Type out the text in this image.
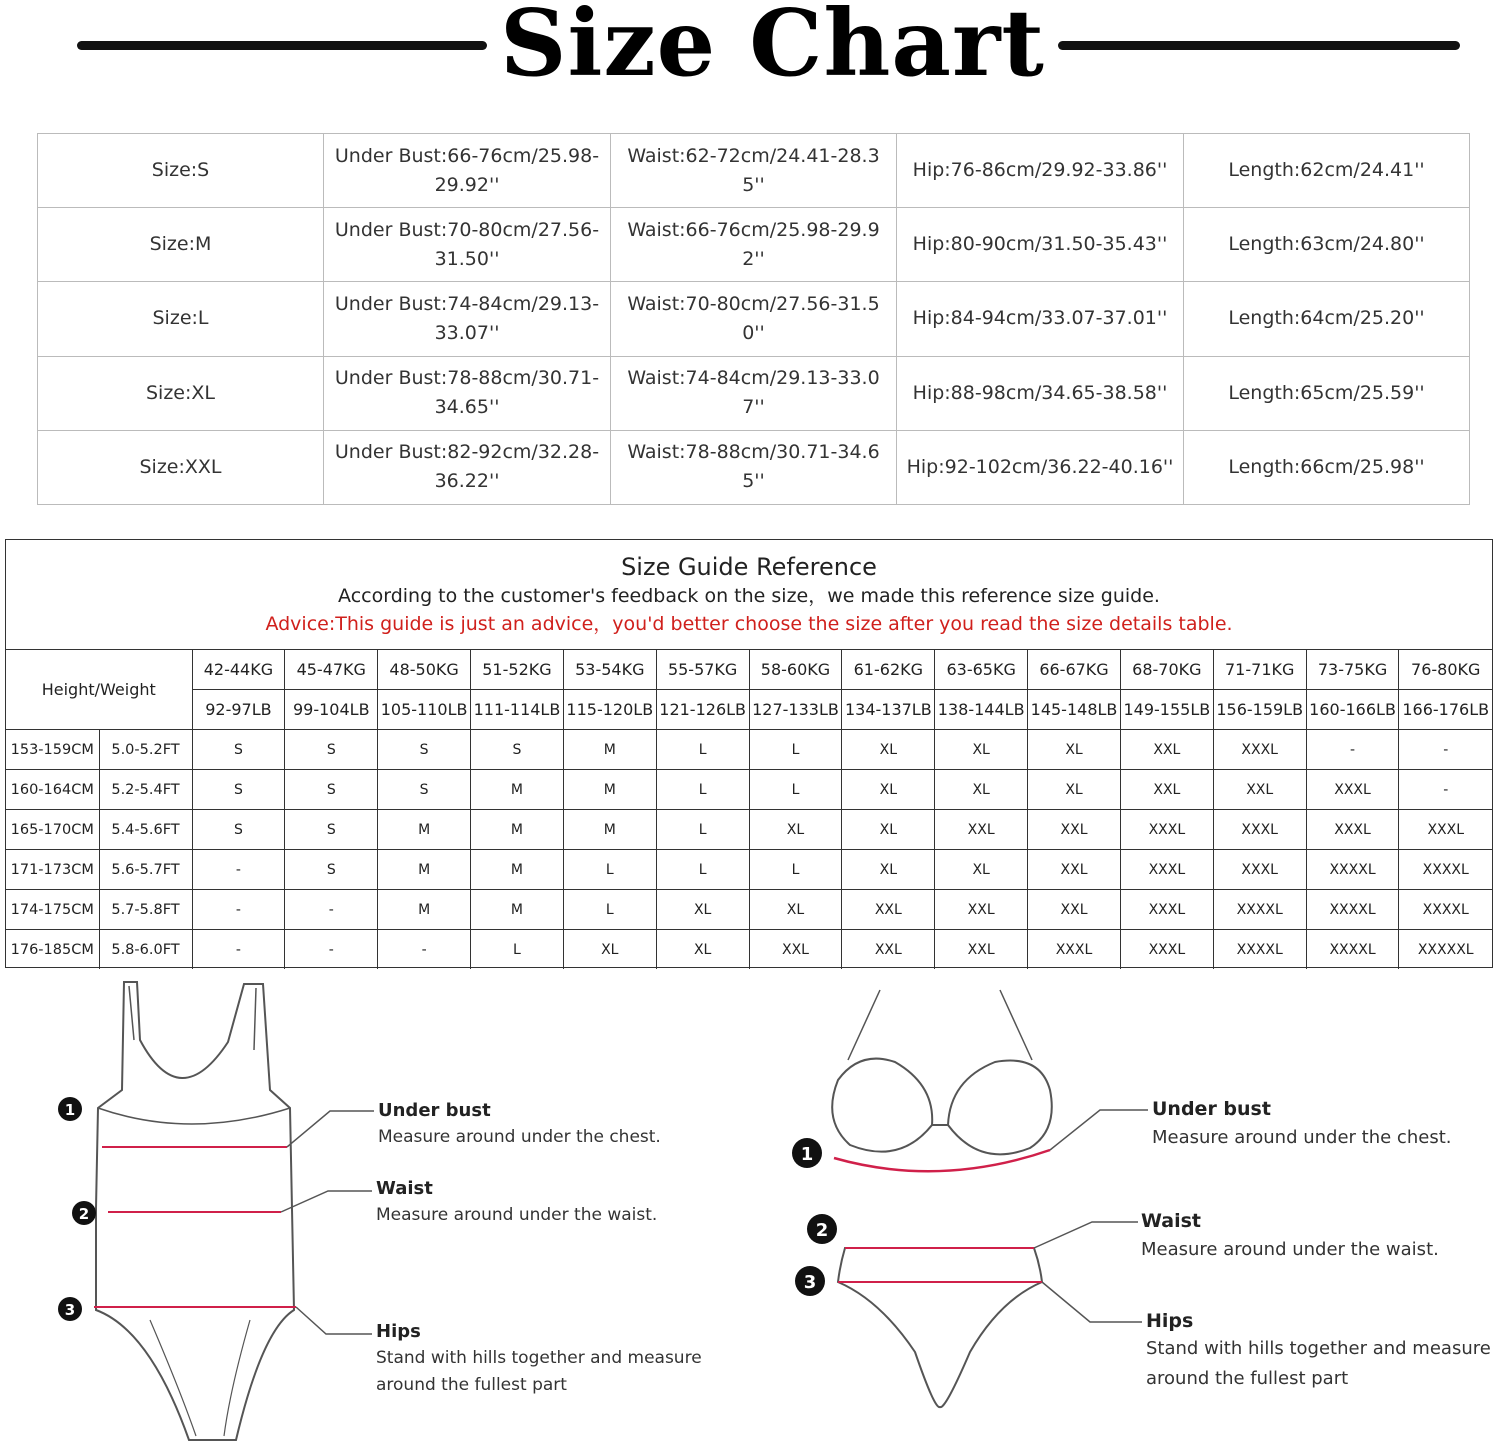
Size Chart
Size:S	Under Bust:66-76cm/25.98-29.92''	Waist:62-72cm/24.41-28.35''	Hip:76-86cm/29.92-33.86''	Length:62cm/24.41''
Size:M	Under Bust:70-80cm/27.56-31.50''	Waist:66-76cm/25.98-29.92''	Hip:80-90cm/31.50-35.43''	Length:63cm/24.80''
Size:L	Under Bust:74-84cm/29.13-33.07''	Waist:70-80cm/27.56-31.50''	Hip:84-94cm/33.07-37.01''	Length:64cm/25.20''
Size:XL	Under Bust:78-88cm/30.71-34.65''	Waist:74-84cm/29.13-33.07''	Hip:88-98cm/34.65-38.58''	Length:65cm/25.59''
Size:XXL	Under Bust:82-92cm/32.28-36.22''	Waist:78-88cm/30.71-34.65''	Hip:92-102cm/36.22-40.16''	Length:66cm/25.98''
Size Guide Reference
According to the customer's feedback on the size，we made this reference size guide.
Advice:This guide is just an advice，you'd better choose the size after you read the size details table.
Height/Weight		42-44KG	45-47KG	48-50KG	51-52KG	53-54KG	55-57KG	58-60KG	61-62KG	63-65KG	66-67KG	68-70KG	71-71KG	73-75KG	76-80KG
		92-97LB	99-104LB	105-110LB	111-114LB	115-120LB	121-126LB	127-133LB	134-137LB	138-144LB	145-148LB	149-155LB	156-159LB	160-166LB	166-176LB
153-159CM	5.0-5.2FT	S	S	S	S	M	L	L	XL	XL	XL	XXL	XXXL	-	-
160-164CM	5.2-5.4FT	S	S	S	M	M	L	L	XL	XL	XL	XXL	XXL	XXXL	-
165-170CM	5.4-5.6FT	S	S	M	M	M	L	XL	XL	XXL	XXL	XXXL	XXXL	XXXL	XXXL
171-173CM	5.6-5.7FT	-	S	M	M	L	L	L	XL	XL	XXL	XXXL	XXXL	XXXXL	XXXXL
174-175CM	5.7-5.8FT	-	-	M	M	L	XL	XL	XXL	XXL	XXL	XXXL	XXXXL	XXXXL	XXXXL
176-185CM	5.8-6.0FT	-	-	-	L	XL	XL	XXL	XXL	XXL	XXXL	XXXL	XXXXL	XXXXL	XXXXXL
1
2
3
1
2
3
Under bust
Measure around under the chest.
Waist
Measure around under the waist.
Hips
Stand with hills together and measure
around the fullest part
Under bust
Measure around under the chest.
Waist
Measure around under the waist.
Hips
Stand with hills together and measure
around the fullest part
